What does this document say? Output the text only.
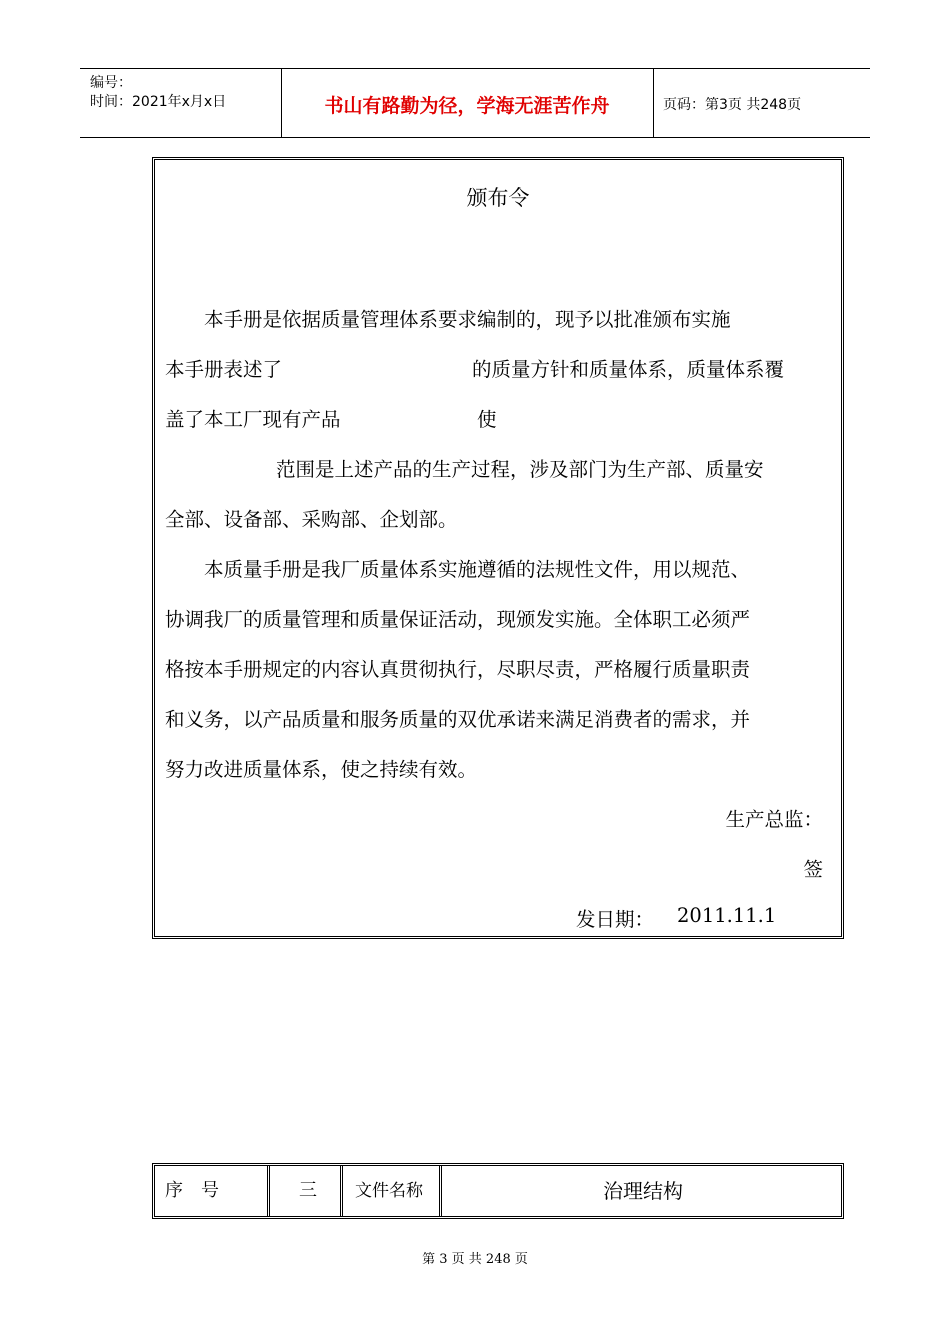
编号：
时间：2021年x月x日	书山有路勤为径，学海无涯苦作舟	页码：第3页 共248页
颁布令
本手册是依据质量管理体系要求编制的，现予以批准颁布实施
本手册表述了	的质量方针和质量体系，质量体系覆
盖了本工厂现有产品	使
范围是上述产品的生产过程，涉及部门为生产部、质量安
全部、设备部、采购部、企划部。
本质量手册是我厂质量体系实施遵循的法规性文件，用以规范、
协调我厂的质量管理和质量保证活动，现颁发实施。全体职工必须严
格按本手册规定的内容认真贯彻执行，尽职尽责，严格履行质量职责
和义务，以产品质量和服务质量的双优承诺来满足消费者的需求，并
努力改进质量体系，使之持续有效。
生产总监：
签
发日期： 2011.11.1
序　号	三	文件名称	治理结构
第 3 页 共 248 页
